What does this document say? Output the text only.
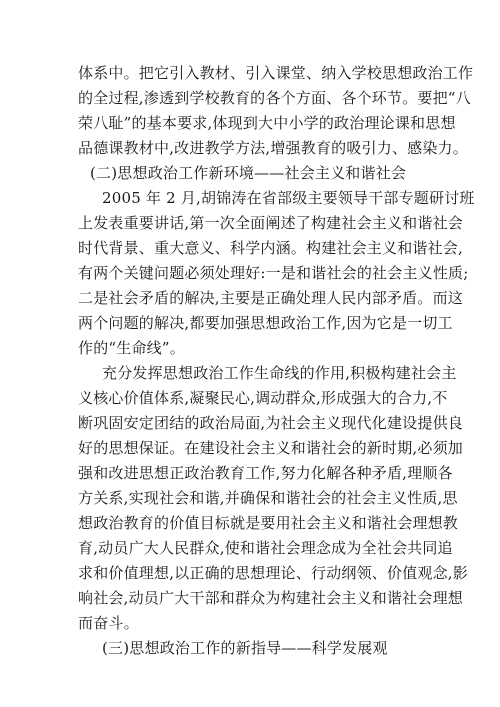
体系中。把它引入教材、引入课堂、纳入学校思想政治工作
的全过程,渗透到学校教育的各个方面、各个环节。要把“八
荣八耻”的基本要求,体现到大中小学的政治理论课和思想
品德课教材中,改进教学方法,增强教育的吸引力、感染力。
(二)思想政治工作新环境——社会主义和谐社会
2005 年 2 月,胡锦涛在省部级主要领导干部专题研讨班
上发表重要讲话,第一次全面阐述了构建社会主义和谐社会
时代背景、重大意义、科学内涵。构建社会主义和谐社会,
有两个关键问题必须处理好:一是和谐社会的社会主义性质;
二是社会矛盾的解决,主要是正确处理人民内部矛盾。而这
两个问题的解决,都要加强思想政治工作,因为它是一切工
作的“生命线”。
充分发挥思想政治工作生命线的作用,积极构建社会主
义核心价值体系,凝聚民心,调动群众,形成强大的合力,不
断巩固安定团结的政治局面,为社会主义现代化建设提供良
好的思想保证。在建设社会主义和谐社会的新时期,必须加
强和改进思想正政治教育工作,努力化解各种矛盾,理顺各
方关系,实现社会和谐,并确保和谐社会的社会主义性质,思
想政治教育的价值目标就是要用社会主义和谐社会理想教
育,动员广大人民群众,使和谐社会理念成为全社会共同追
求和价值理想,以正确的思想理论、行动纲领、价值观念,影
响社会,动员广大干部和群众为构建社会主义和谐社会理想
而奋斗。
(三)思想政治工作的新指导——科学发展观
